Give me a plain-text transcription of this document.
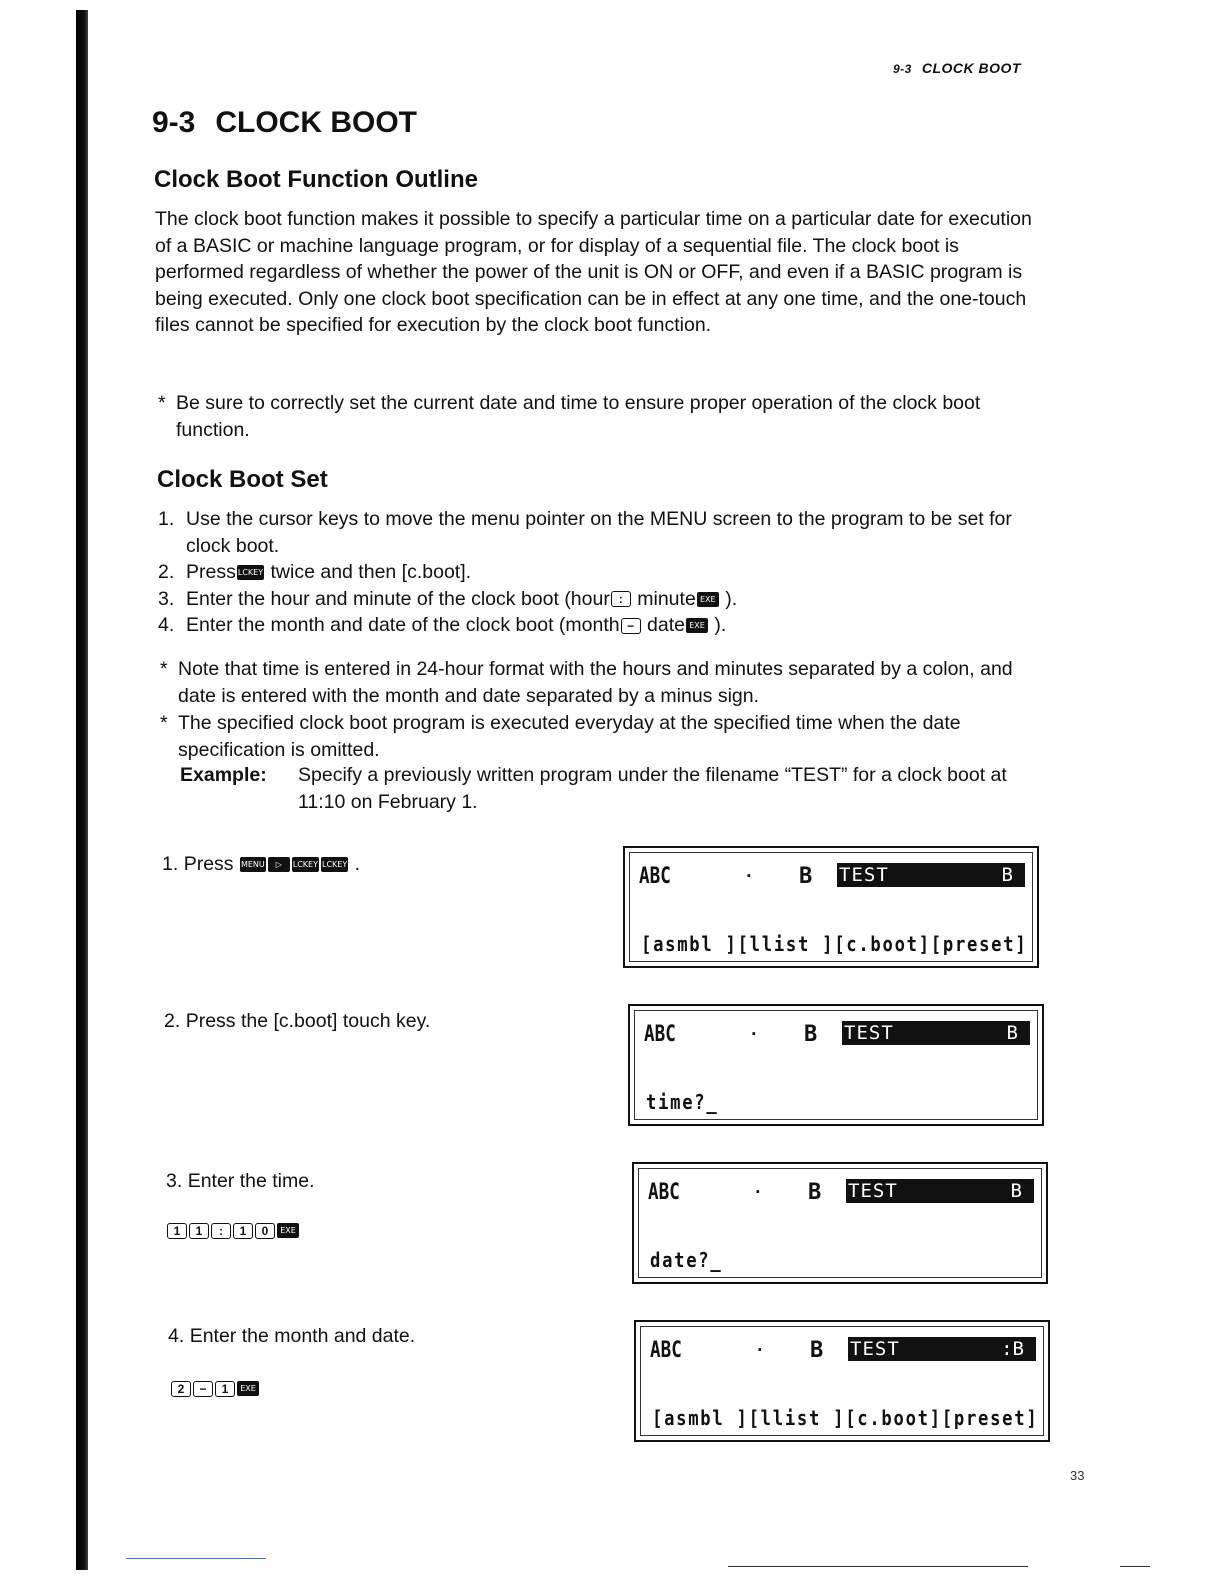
9-3 CLOCK BOOT
9-3 CLOCK BOOT
Clock Boot Function Outline

The clock boot function makes it possible to specify a particular time on a particular date for execution of a BASIC or machine language program, or for display of a sequential file. The clock boot is performed regardless of whether the power of the unit is ON or OFF, and even if a BASIC program is being executed. Only one clock boot specification can be in effect at any one time, and the one-touch files cannot be specified for execution by the clock boot function.

* Be sure to correctly set the current date and time to ensure proper operation of the clock boot function.
Clock Boot Set
1. Use the cursor keys to move the menu pointer on the MENU screen to the program to be set for clock boot.
2. Press LCKEY twice and then [c.boot].
3. Enter the hour and minute of the clock boot (hour : minute EXE ).
4. Enter the month and date of the clock boot (month − date EXE ).
* Note that time is entered in 24-hour format with the hours and minutes separated by a colon, and date is entered with the month and date separated by a minus sign.
* The specified clock boot program is executed everyday at the specified time when the date specification is omitted.
Example:	Specify a previously written program under the filename “TEST” for a clock boot at 11:10 on February 1.
1. Press MENU ▷ LCKEY LCKEY .	ABC	. B TEST	B
[asmbl ][llist ][c.boot][preset]
2. Press the [c.boot] touch key.
ABC	. B TEST	B
time?_
3. Enter the time.
1 1 : 1 0 EXE
ABC	. B TEST	B
date?_
4. Enter the month and date.
2 − 1 EXE
ABC	. B TEST	:B
[asmbl ][llist ][c.boot][preset]
33
